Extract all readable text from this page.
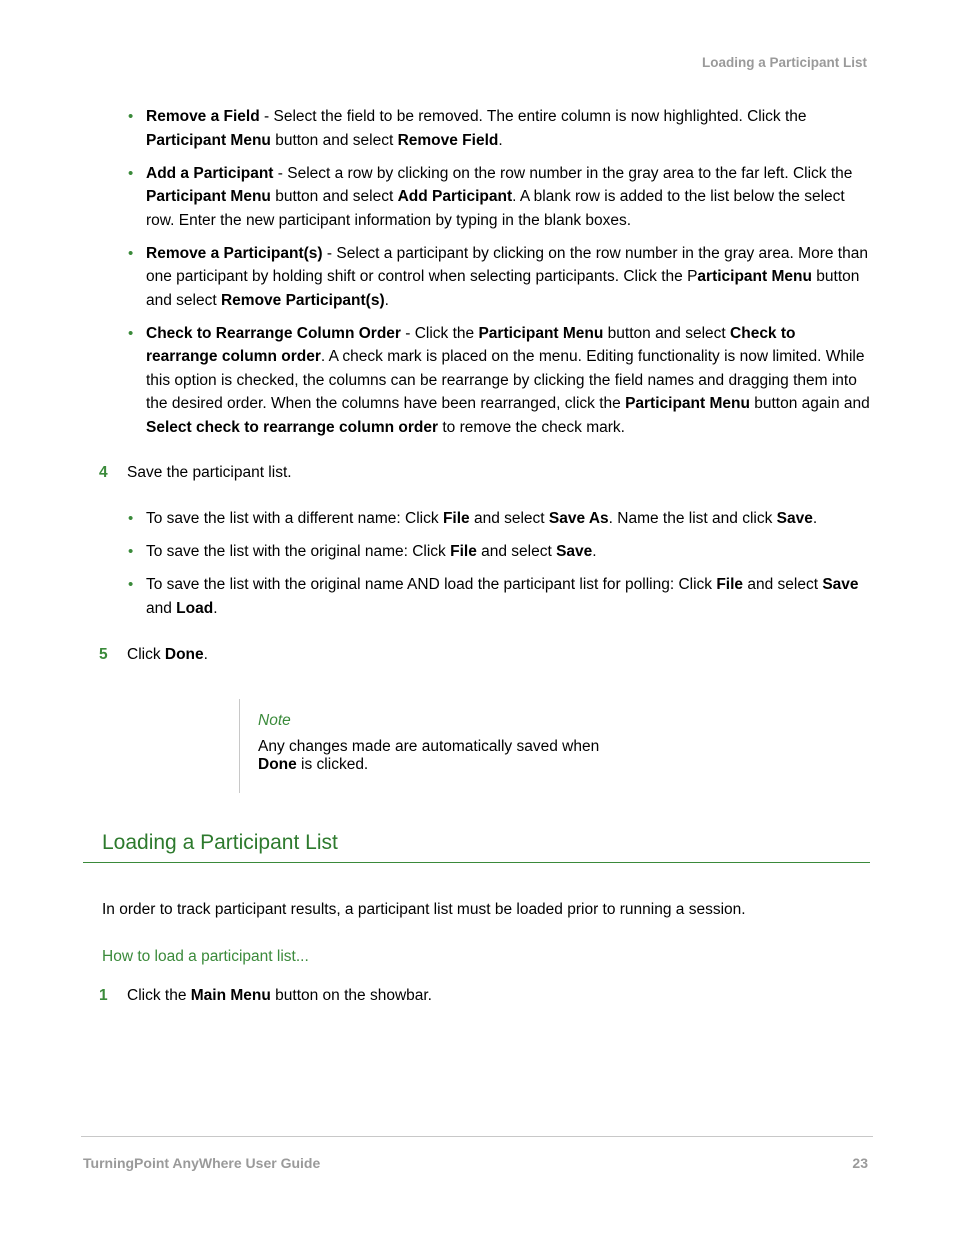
Loading a Participant List
• Remove a Field - Select the field to be removed. The entire column is now highlighted. Click the Participant Menu button and select Remove Field.
• Add a Participant - Select a row by clicking on the row number in the gray area to the far left. Click the Participant Menu button and select Add Participant. A blank row is added to the list below the select row. Enter the new participant information by typing in the blank boxes.
• Remove a Participant(s) - Select a participant by clicking on the row number in the gray area. More than one participant by holding shift or control when selecting participants. Click the Participant Menu button and select Remove Participant(s).
• Check to Rearrange Column Order - Click the Participant Menu button and select Check to rearrange column order. A check mark is placed on the menu. Editing functionality is now limited. While this option is checked, the columns can be rearrange by clicking the field names and dragging them into the desired order. When the columns have been rearranged, click the Participant Menu button again and Select check to rearrange column order to remove the check mark.
4 Save the participant list.
• To save the list with a different name: Click File and select Save As. Name the list and click Save.
• To save the list with the original name: Click File and select Save.
• To save the list with the original name AND load the participant list for polling: Click File and select Save and Load.
5 Click Done.
Note
Any changes made are automatically saved when
Done is clicked.
Loading a Participant List
In order to track participant results, a participant list must be loaded prior to running a session.
How to load a participant list...
1 Click the Main Menu button on the showbar.
TurningPoint AnyWhere User Guide	23
